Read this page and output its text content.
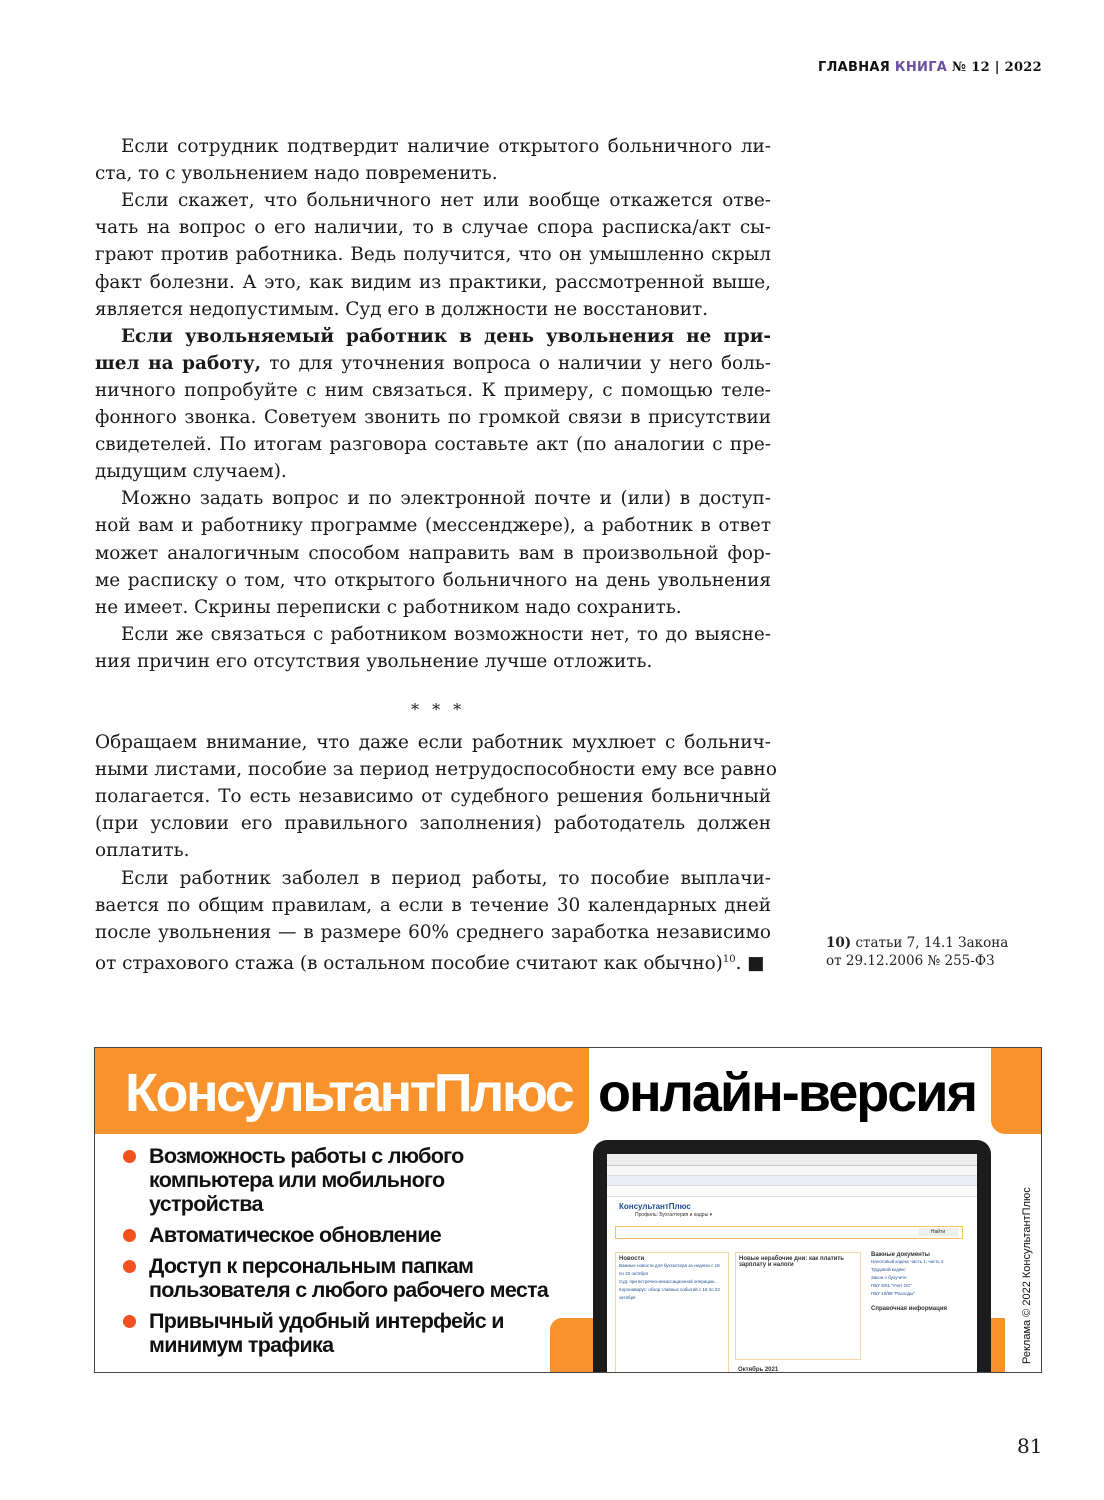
ГЛАВНАЯ КНИГА № 12 | 2022
Если сотрудник подтвердит наличие открытого больничного ли-
ста, то с увольнением надо повременить.
Если скажет, что больничного нет или вообще откажется отве-
чать на вопрос о его наличии, то в случае спора расписка/акт сы-
грают против работника. Ведь получится, что он умышленно скрыл
факт болезни. А это, как видим из практики, рассмотренной выше,
является недопустимым. Суд его в должности не восстановит.
Если увольняемый работник в день увольнения не при-
шел на работу, то для уточнения вопроса о наличии у него боль-
ничного попробуйте с ним связаться. К примеру, с помощью теле-
фонного звонка. Советуем звонить по громкой связи в присутствии
свидетелей. По итогам разговора составьте акт (по аналогии с пре-
дыдущим случаем).
Можно задать вопрос и по электронной почте и (или) в доступ-
ной вам и работнику программе (мессенджере), а работник в ответ
может аналогичным способом направить вам в произвольной фор-
ме расписку о том, что открытого больничного на день увольнения
не имеет. Скрины переписки с работником надо сохранить.
Если же связаться с работником возможности нет, то до выясне-
ния причин его отсутствия увольнение лучше отложить.
* * *
Обращаем внимание, что даже если работник мухлюет с больнич-
ными листами, пособие за период нетрудоспособности ему все равно
полагается. То есть независимо от судебного решения больничный
(при условии его правильного заполнения) работодатель должен
оплатить.
Если работник заболел в период работы, то пособие выплачи-
вается по общим правилам, а если в течение 30 календарных дней
после увольнения — в размере 60% среднего заработка независимо
от страхового стажа (в остальном пособие считают как обычно)$^{10}$. ■
10) статьи 7, 14.1 Закона
от 29.12.2006 № 255-ФЗ
КонсультантПлюс онлайн-версия
Возможность работы с любого компьютера или мобильного устройства
Автоматическое обновление
Доступ к персональным папкам пользователя с любого рабочего места
Привычный удобный интерфейс и минимум трафика
КонсультантПлюс
Профиль: Бухгалтерия и кадры ▾
Найти
Новости
Важные новости для бухгалтера за неделю с 18 по 22 октября
Суд: при встречно-инкассационной операции...
Коронавирус: обзор главных событий с 16 по 22 октября
Новые нерабочие дни: как платить зарплату и налоги
Октябрь 2021
Важные документы
Налоговый кодекс часть 1, часть 2
Трудовой кодекс
Закон о бухучете
ПБУ 6/01 "Учет ОС"
ПБУ 10/99 "Расходы"
Справочная информация	Реклама © 2022 КонсультантПлюс
81
